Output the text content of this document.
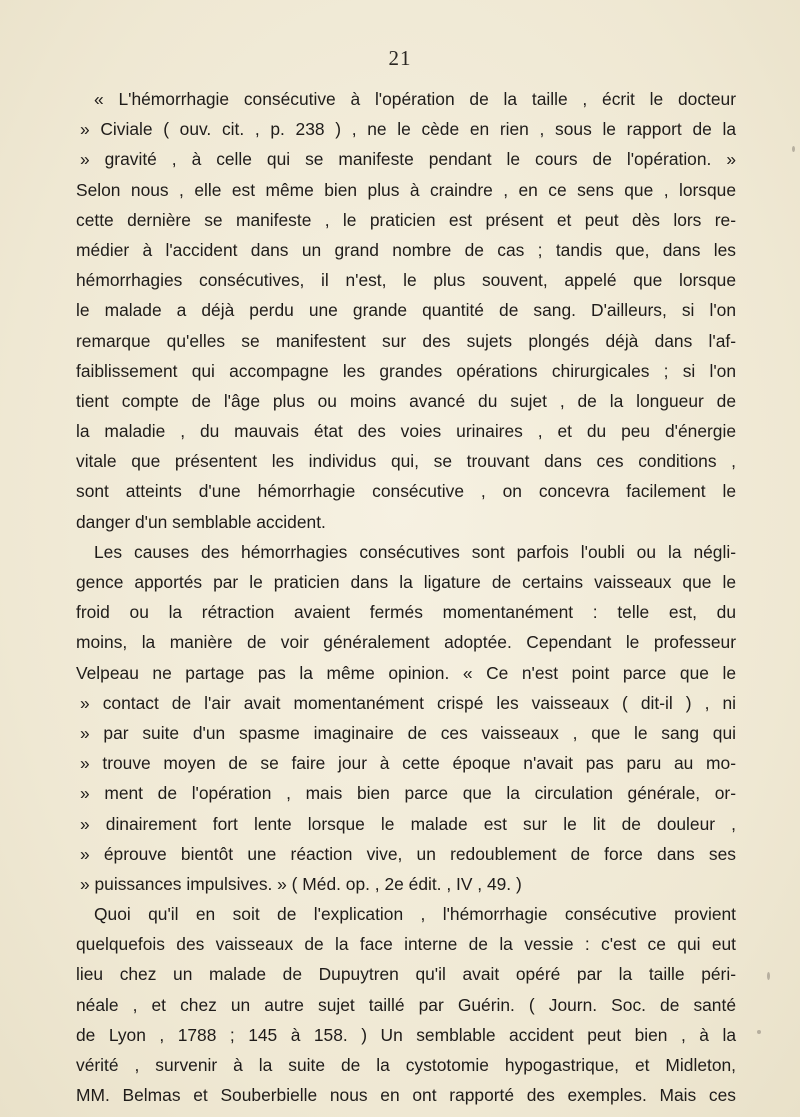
21
« L'hémorrhagie consécutive à l'opération de la taille , écrit le docteur
» Civiale ( ouv. cit. , p. 238 ) , ne le cède en rien , sous le rapport de la
» gravité , à celle qui se manifeste pendant le cours de l'opération. »
Selon nous , elle est même bien plus à craindre , en ce sens que , lorsque
cette dernière se manifeste , le praticien est présent et peut dès lors re-
médier à l'accident dans un grand nombre de cas ; tandis que, dans les
hémorrhagies consécutives, il n'est, le plus souvent, appelé que lorsque
le malade a déjà perdu une grande quantité de sang. D'ailleurs, si l'on
remarque qu'elles se manifestent sur des sujets plongés déjà dans l'af-
faiblissement qui accompagne les grandes opérations chirurgicales ; si l'on
tient compte de l'âge plus ou moins avancé du sujet , de la longueur de
la maladie , du mauvais état des voies urinaires , et du peu d'énergie
vitale que présentent les individus qui, se trouvant dans ces conditions ,
sont atteints d'une hémorrhagie consécutive , on concevra facilement le
danger d'un semblable accident.
Les causes des hémorrhagies consécutives sont parfois l'oubli ou la négli-
gence apportés par le praticien dans la ligature de certains vaisseaux que le
froid ou la rétraction avaient fermés momentanément : telle est, du
moins, la manière de voir généralement adoptée. Cependant le professeur
Velpeau ne partage pas la même opinion. « Ce n'est point parce que le
» contact de l'air avait momentanément crispé les vaisseaux ( dit-il ) , ni
» par suite d'un spasme imaginaire de ces vaisseaux , que le sang qui
» trouve moyen de se faire jour à cette époque n'avait pas paru au mo-
» ment de l'opération , mais bien parce que la circulation générale, or-
» dinairement fort lente lorsque le malade est sur le lit de douleur ,
» éprouve bientôt une réaction vive, un redoublement de force dans ses
» puissances impulsives. » ( Méd. op. , 2e édit. , IV , 49. )
Quoi qu'il en soit de l'explication , l'hémorrhagie consécutive provient
quelquefois des vaisseaux de la face interne de la vessie : c'est ce qui eut
lieu chez un malade de Dupuytren qu'il avait opéré par la taille péri-
néale , et chez un autre sujet taillé par Guérin. ( Journ. Soc. de santé
de Lyon , 1788 ; 145 à 158. ) Un semblable accident peut bien , à la
vérité , survenir à la suite de la cystotomie hypogastrique, et Midleton,
MM. Belmas et Souberbielle nous en ont rapporté des exemples. Mais ces
